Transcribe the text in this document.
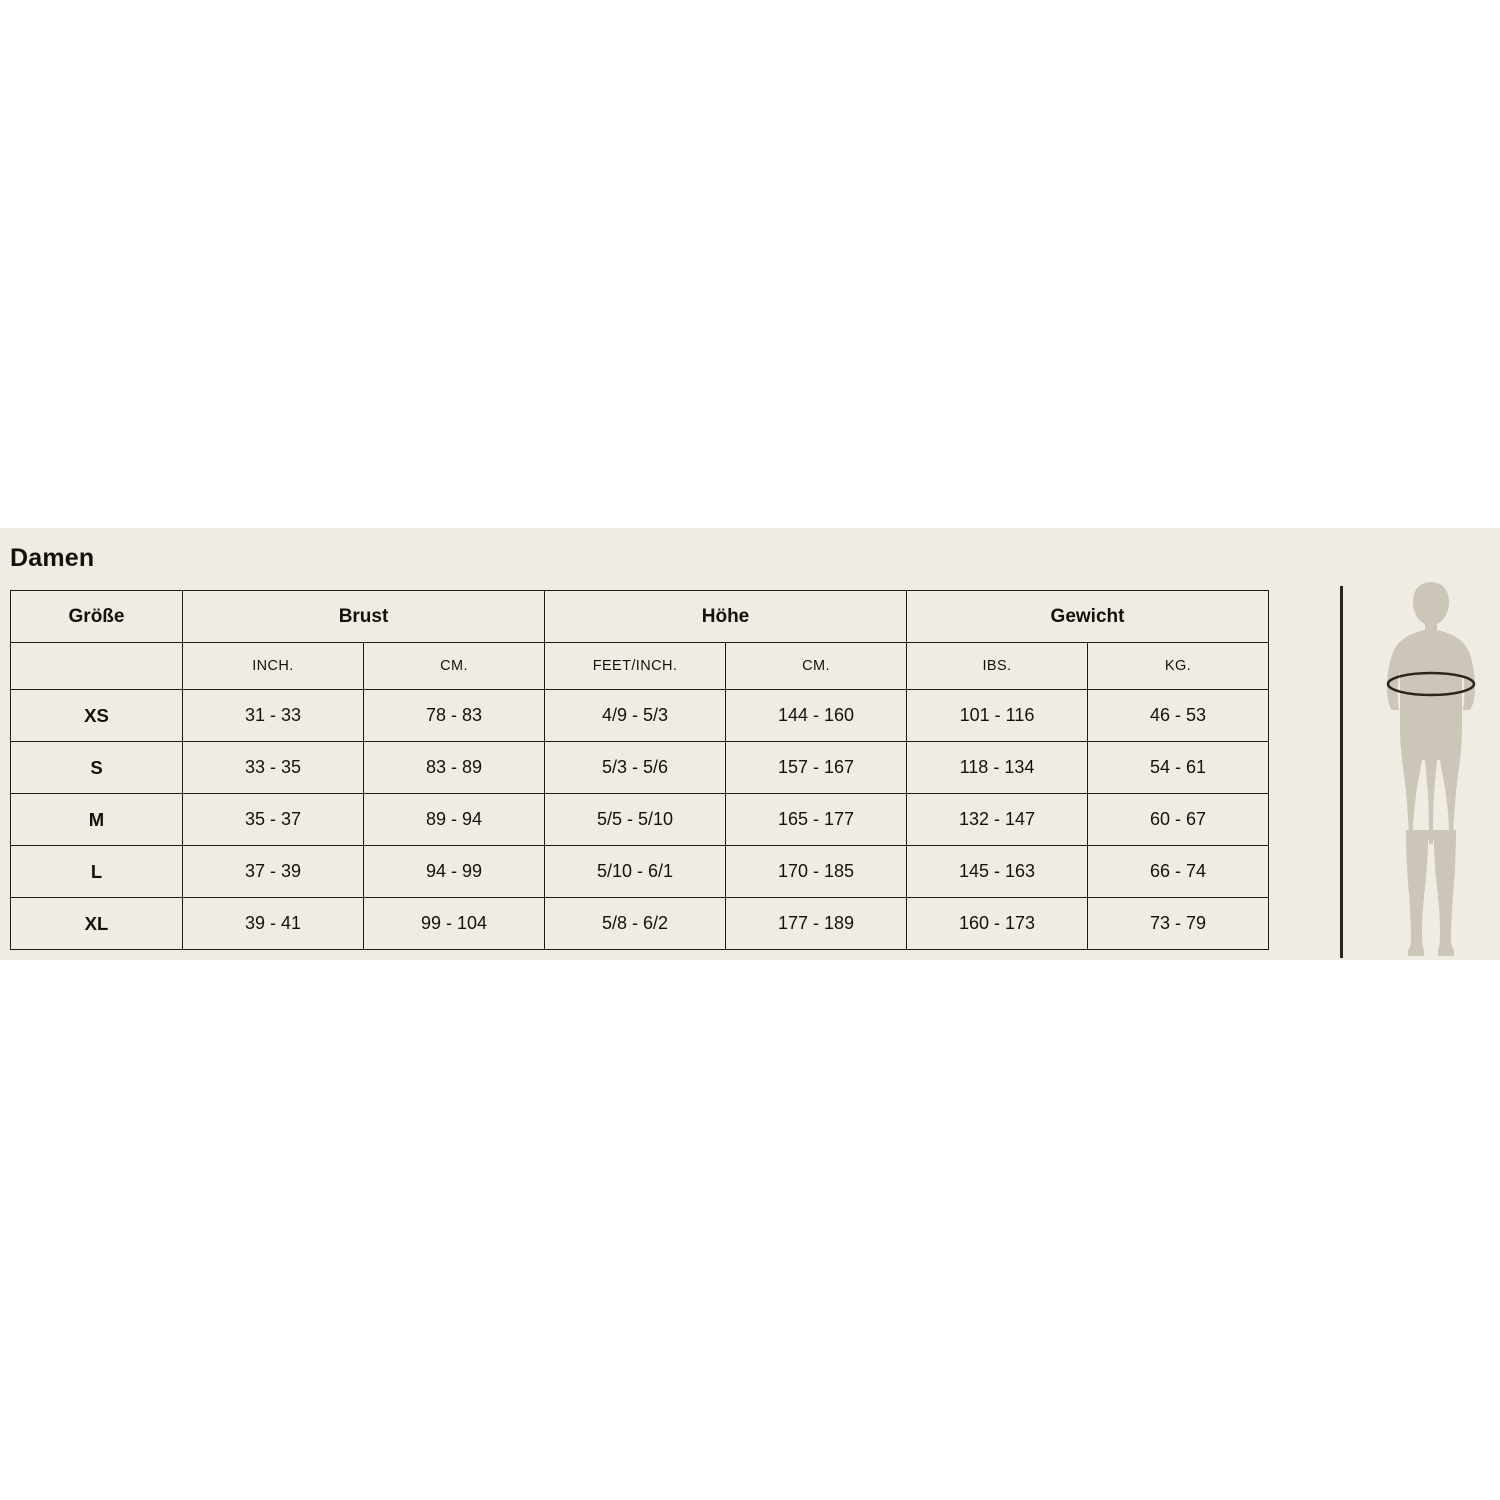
Damen
Größe	Brust		Höhe		Gewicht	
	INCH.	CM.	FEET/INCH.	CM.	IBS.	KG.
XS	31 - 33	78 - 83	4/9 - 5/3	144 - 160	101 - 116	46 - 53
S	33 - 35	83 - 89	5/3 - 5/6	157 - 167	118 - 134	54 - 61
M	35 - 37	89 - 94	5/5 - 5/10	165 - 177	132 - 147	60 - 67
L	37 - 39	94 - 99	5/10 - 6/1	170 - 185	145 - 163	66 - 74
XL	39 - 41	99 - 104	5/8 - 6/2	177 - 189	160 - 173	73 - 79
